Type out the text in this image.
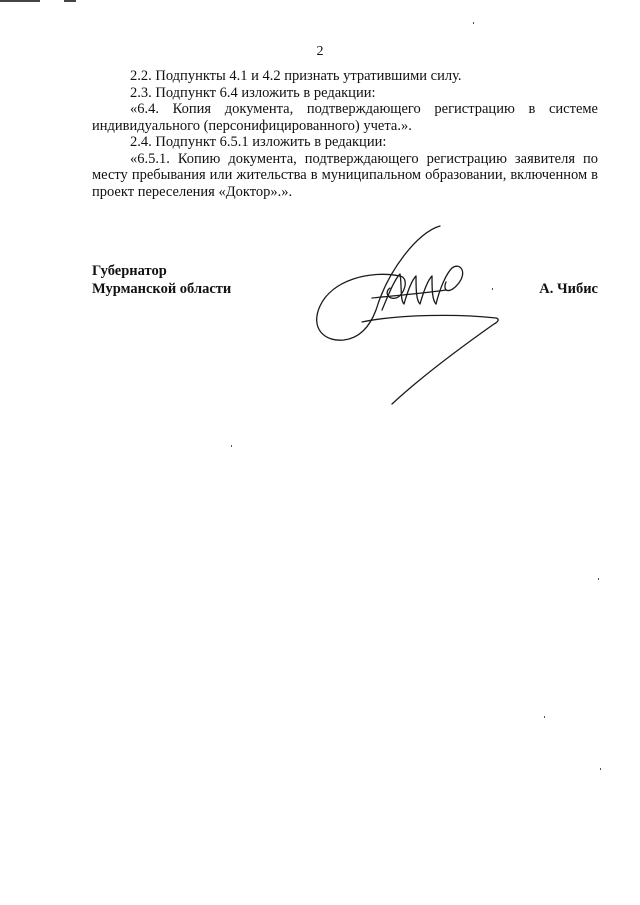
2

2.2. Подпункты 4.1 и 4.2 признать утратившими силу.

2.3. Подпункт 6.4 изложить в редакции:

«6.4. Копия документа, подтверждающего регистрацию в системе индивидуального (персонифицированного) учета.».

2.4. Подпункт 6.5.1 изложить в редакции:

«6.5.1. Копию документа, подтверждающего регистрацию заявителя по месту пребывания или жительства в муниципальном образовании, включенном в проект переселения «Доктор».».

Губернатор
Мурманской области	А. Чибис
